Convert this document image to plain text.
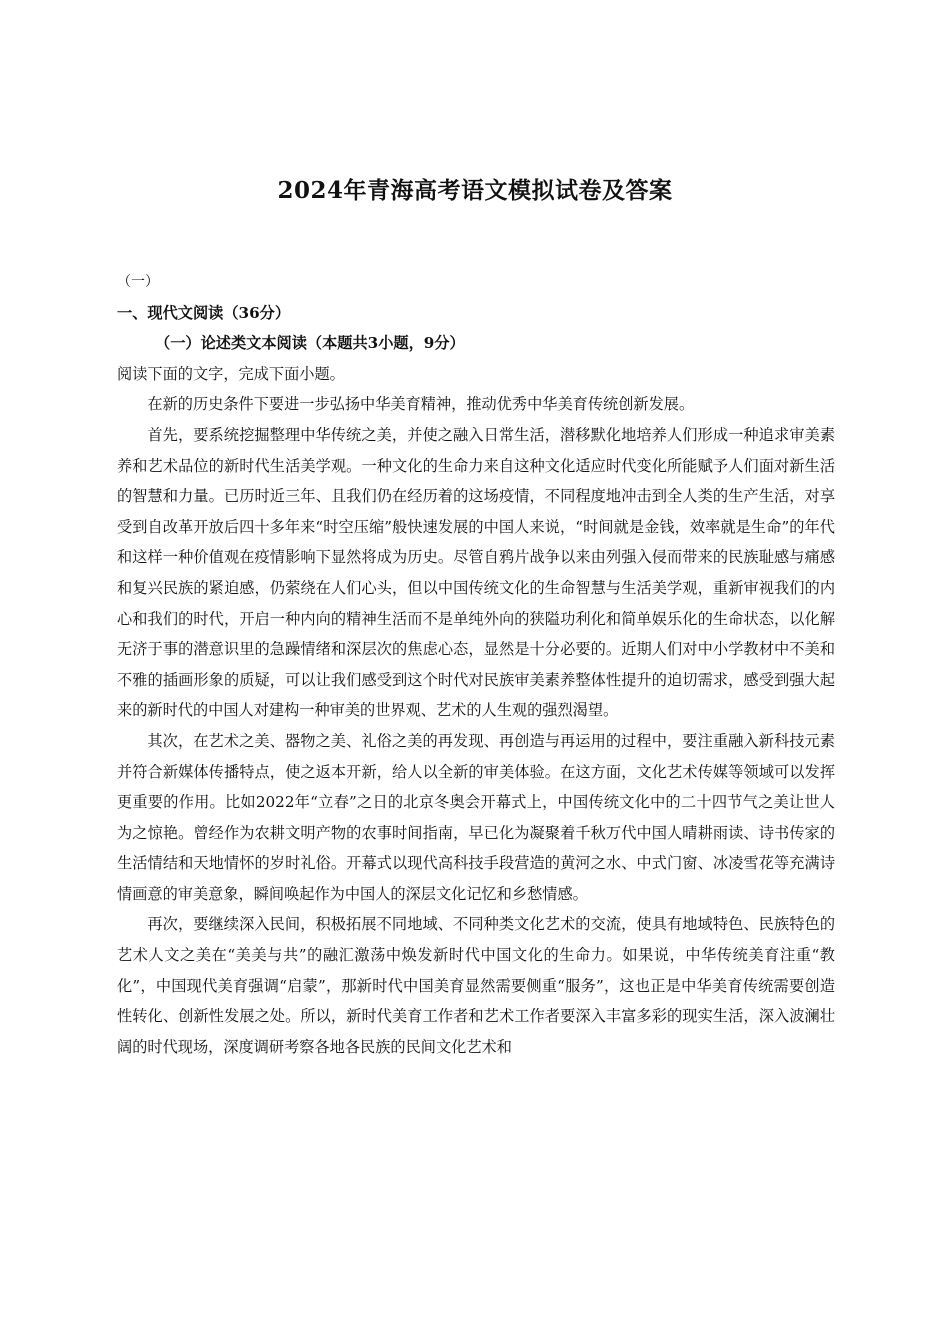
2024年青海高考语文模拟试卷及答案

（一）

一、现代文阅读（36分）

（一）论述类文本阅读（本题共3小题，9分）

阅读下面的文字，完成下面小题。

在新的历史条件下要进一步弘扬中华美育精神，推动优秀中华美育传统创新发展。

首先，要系统挖掘整理中华传统之美，并使之融入日常生活，潜移默化地培养人们形成一种追求审美素养和艺术品位的新时代生活美学观。一种文化的生命力来自这种文化适应时代变化所能赋予人们面对新生活的智慧和力量。已历时近三年、且我们仍在经历着的这场疫情，不同程度地冲击到全人类的生产生活，对享受到自改革开放后四十多年来“时空压缩”般快速发展的中国人来说，“时间就是金钱，效率就是生命”的年代和这样一种价值观在疫情影响下显然将成为历史。尽管自鸦片战争以来由列强入侵而带来的民族耻感与痛感和复兴民族的紧迫感，仍萦绕在人们心头，但以中国传统文化的生命智慧与生活美学观，重新审视我们的内心和我们的时代，开启一种内向的精神生活而不是单纯外向的狭隘功利化和简单娱乐化的生命状态，以化解无济于事的潜意识里的急躁情绪和深层次的焦虑心态，显然是十分必要的。近期人们对中小学教材中不美和不雅的插画形象的质疑，可以让我们感受到这个时代对民族审美素养整体性提升的迫切需求，感受到强大起来的新时代的中国人对建构一种审美的世界观、艺术的人生观的强烈渴望。

其次，在艺术之美、器物之美、礼俗之美的再发现、再创造与再运用的过程中，要注重融入新科技元素并符合新媒体传播特点，使之返本开新，给人以全新的审美体验。在这方面，文化艺术传媒等领域可以发挥更重要的作用。比如2022年“立春”之日的北京冬奥会开幕式上，中国传统文化中的二十四节气之美让世人为之惊艳。曾经作为农耕文明产物的农事时间指南，早已化为凝聚着千秋万代中国人晴耕雨读、诗书传家的生活情结和天地情怀的岁时礼俗。开幕式以现代高科技手段营造的黄河之水、中式门窗、冰凌雪花等充满诗情画意的审美意象，瞬间唤起作为中国人的深层文化记忆和乡愁情感。

再次，要继续深入民间，积极拓展不同地域、不同种类文化艺术的交流，使具有地域特色、民族特色的艺术人文之美在“美美与共”的融汇激荡中焕发新时代中国文化的生命力。如果说，中华传统美育注重“教化”，中国现代美育强调“启蒙”，那新时代中国美育显然需要侧重“服务”，这也正是中华美育传统需要创造性转化、创新性发展之处。所以，新时代美育工作者和艺术工作者要深入丰富多彩的现实生活，深入波澜壮阔的时代现场，深度调研考察各地各民族的民间文化艺术和
